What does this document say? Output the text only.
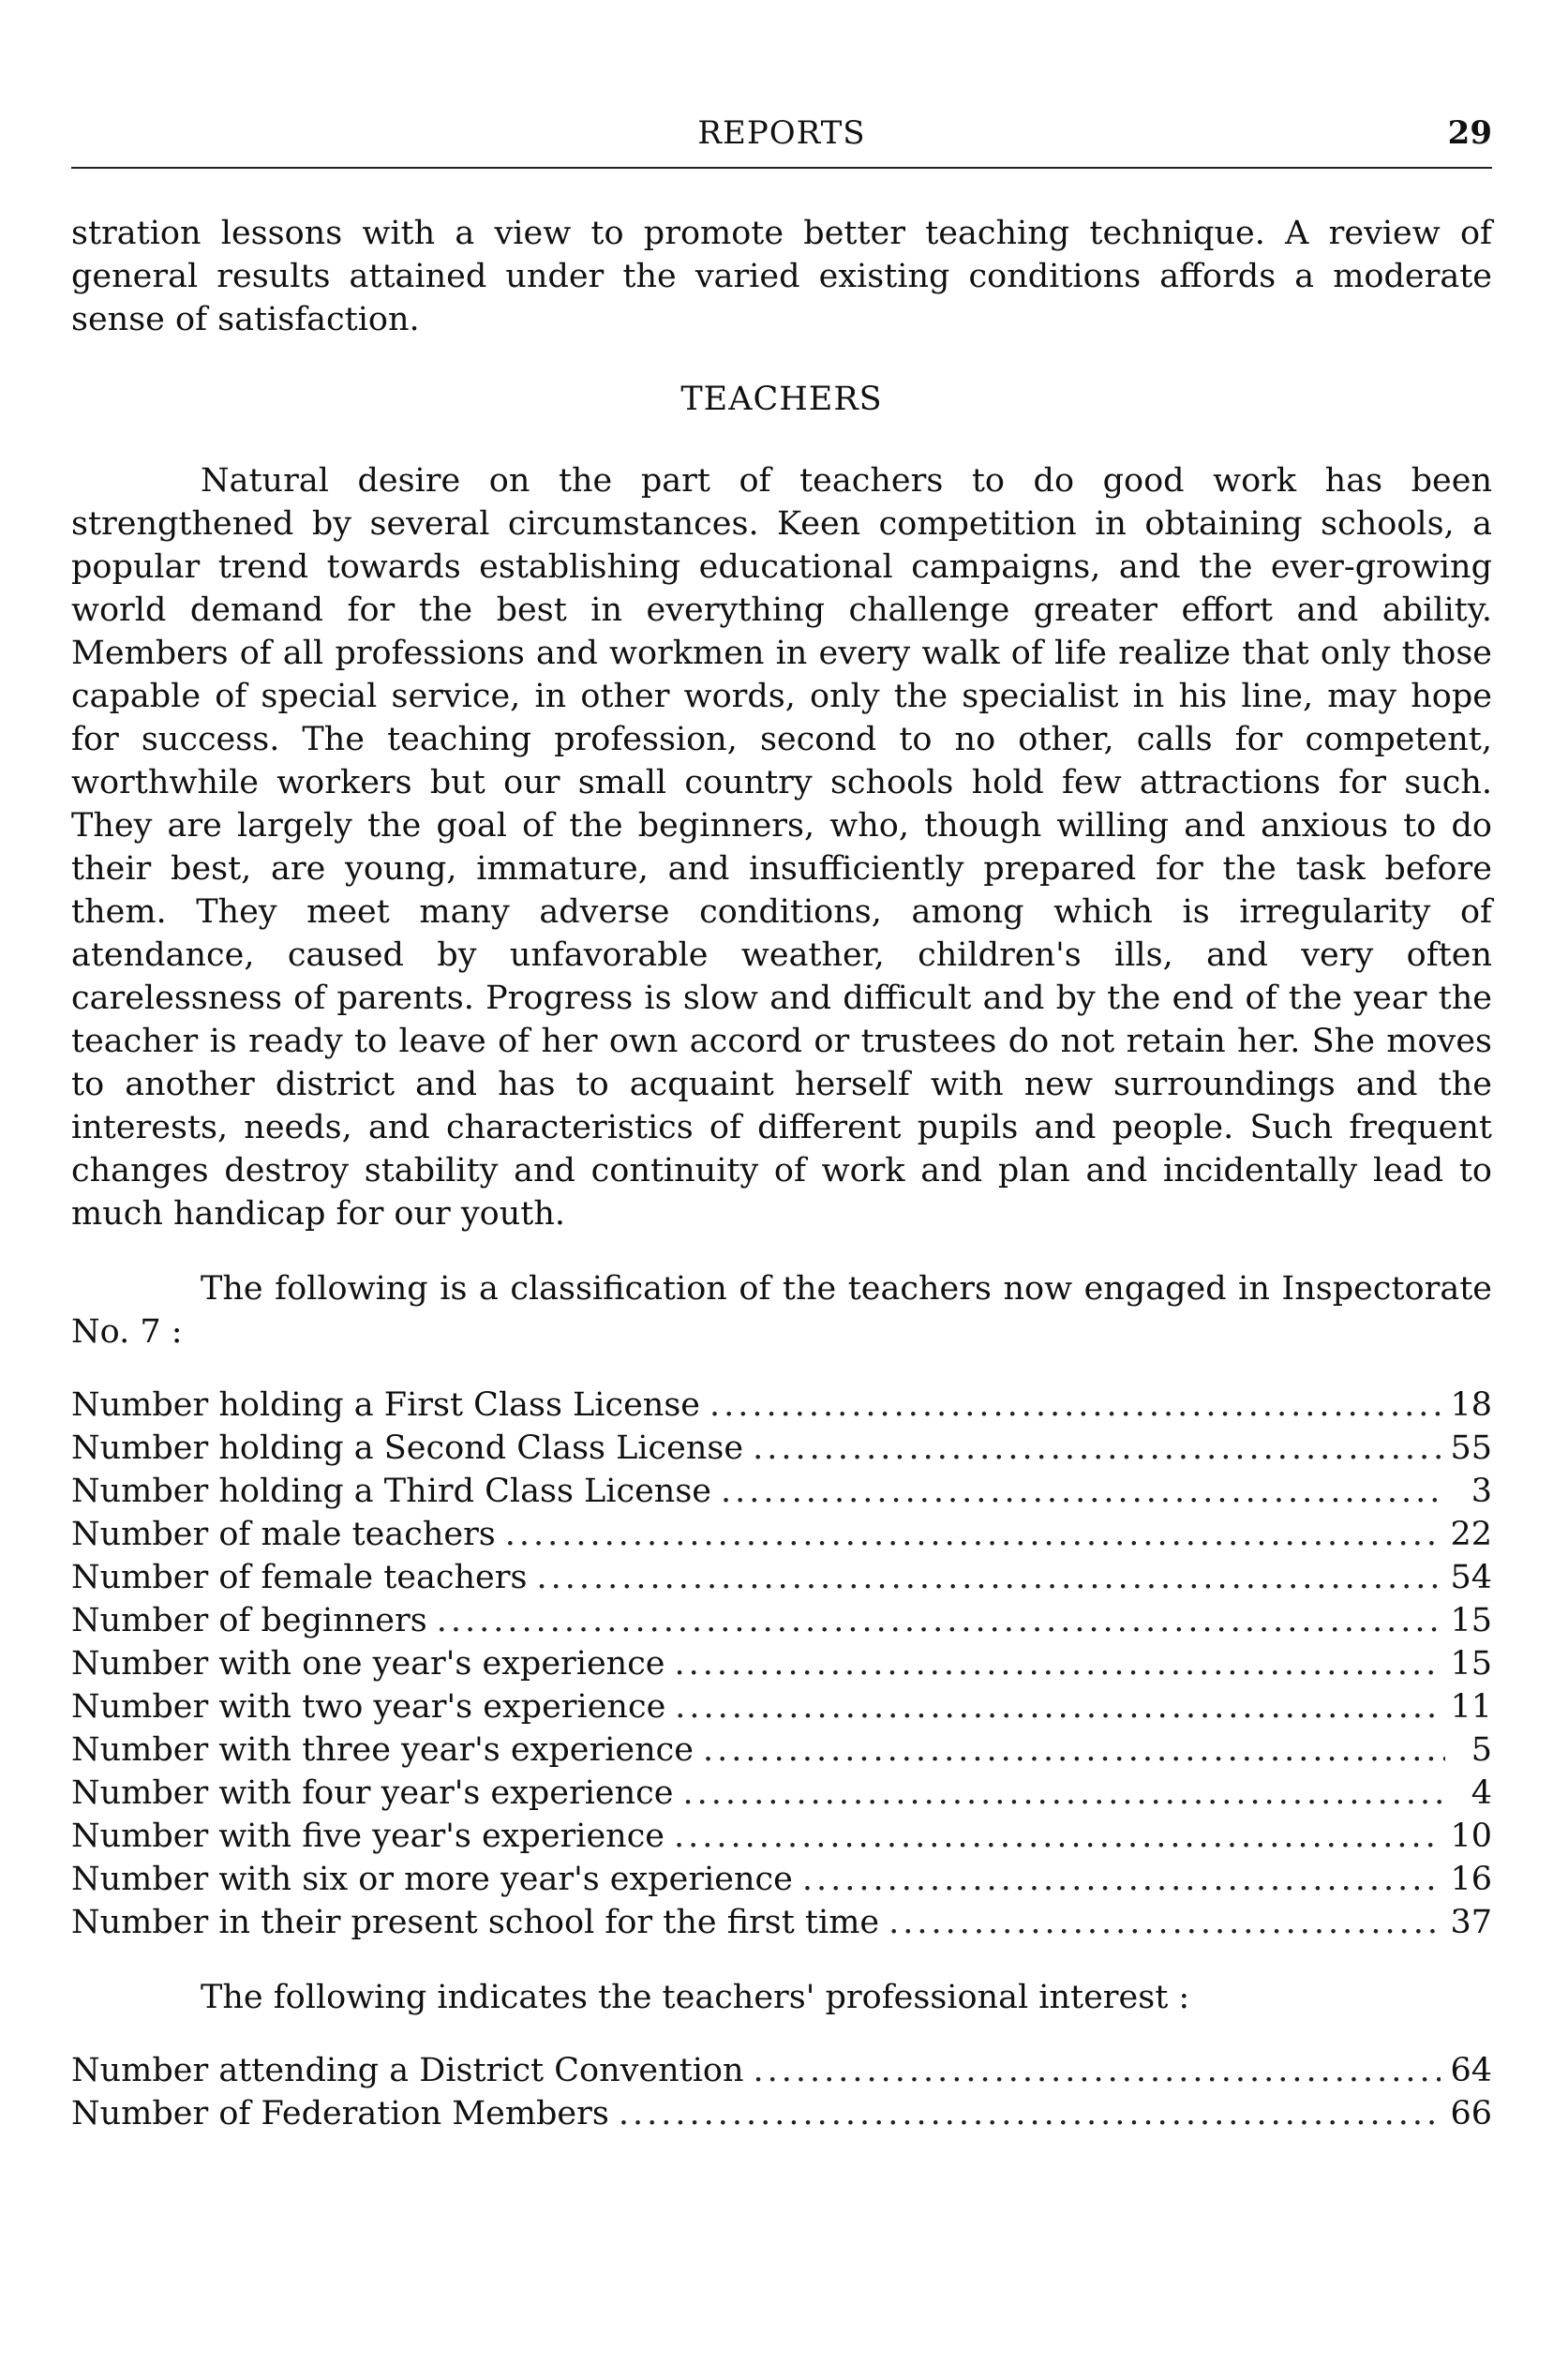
REPORTS	29

stration lessons with a view to promote better teaching technique. A review of general results attained under the varied existing conditions affords a moderate sense of satisfaction.

TEACHERS

Natural desire on the part of teachers to do good work has been strengthened by several circumstances. Keen competition in obtaining schools, a popular trend towards establishing educational campaigns, and the ever-growing world demand for the best in everything challenge greater effort and ability. Members of all professions and workmen in every walk of life realize that only those capable of special service, in other words, only the specialist in his line, may hope for success. The teaching profession, second to no other, calls for competent, worthwhile workers but our small country schools hold few attractions for such. They are largely the goal of the beginners, who, though willing and anxious to do their best, are young, immature, and insufficiently prepared for the task before them. They meet many adverse conditions, among which is irregularity of atendance, caused by unfavorable weather, children's ills, and very often carelessness of parents. Progress is slow and difficult and by the end of the year the teacher is ready to leave of her own accord or trustees do not retain her. She moves to another district and has to acquaint herself with new surroundings and the interests, needs, and characteristics of different pupils and people. Such frequent changes destroy stability and continuity of work and plan and incidentally lead to much handicap for our youth.

The following is a classification of the teachers now engaged in Inspectorate No. 7 :

Number holding a First Class License .....	18
Number holding a Second Class License .....	55
Number holding a Third Class License .....	3
Number of male teachers .....	22
Number of female teachers .....	54
Number of beginners .....	15
Number with one year's experience .....	15
Number with two year's experience .....	11
Number with three year's experience .....	5
Number with four year's experience .....	4
Number with five year's experience .....	10
Number with six or more year's experience .....	16
Number in their present school for the first time .....	37

The following indicates the teachers' professional interest :

Number attending a District Convention .....	64
Number of Federation Members .....	66
